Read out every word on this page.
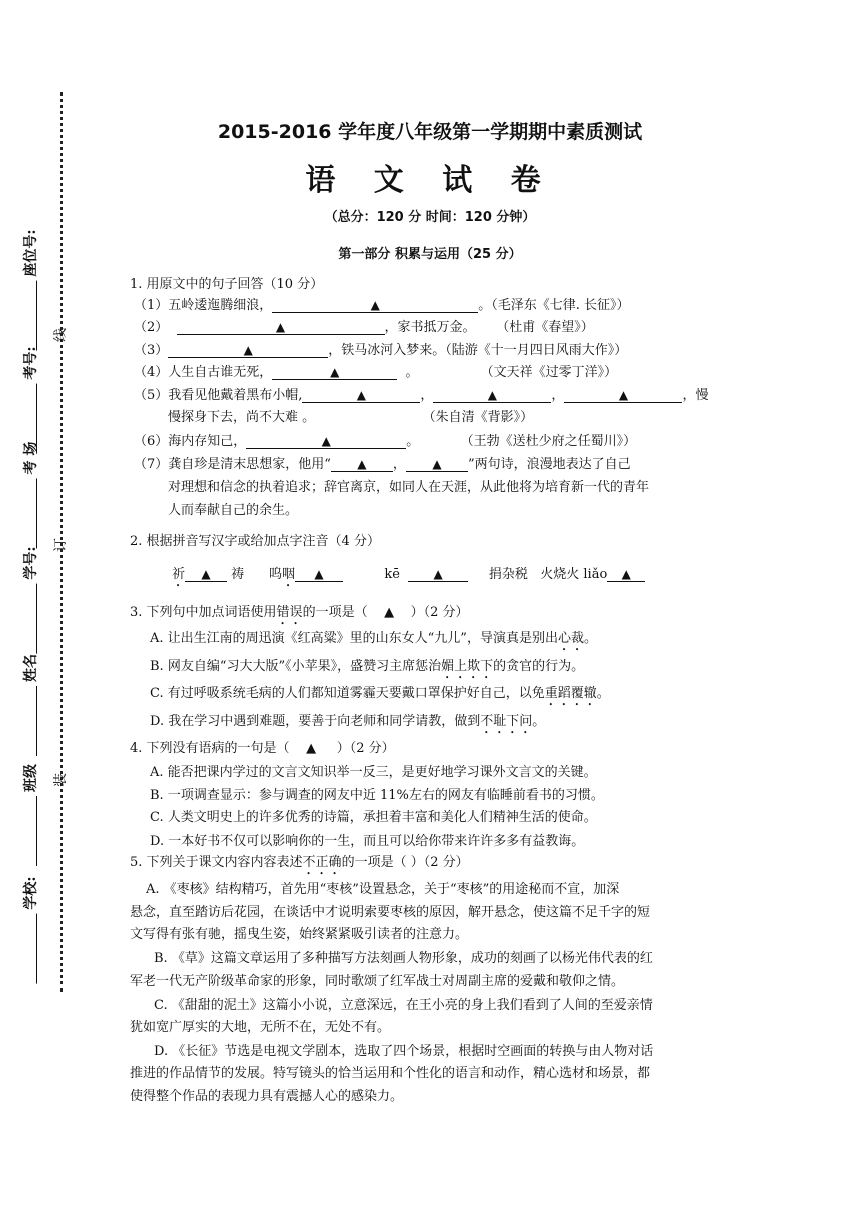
学校:
班级
姓名
学号:
考 场
考号:
座位号:
装
订
线
2015-2016 学年度八年级第一学期期中素质测试
语 文 试 卷
（总分：120 分 时间：120 分钟）
第一部分 积累与运用（25 分）
1. 用原文中的句子回答（10 分）
（1）五岭逶迤腾细浪，	▲	。（毛泽东《七律. 长征》）
（2）	▲	，家书抵万金。 （杜甫《春望》）
（3）	▲	，铁马冰河入梦来。（陆游《十一月四日风雨大作》）
（4）人生自古谁无死，	▲	。	（文天祥《过零丁洋》）
（5）我看见他戴着黑布小帽,	▲	，	▲	，	▲	，慢
慢探身下去，尚不大难 。	（朱自清《背影》）
（6）海内存知己，	▲	。	（王勃《送杜少府之任蜀川》）
（7）龚自珍是清末思想家，他用“ ▲ ， ▲ ”两句诗，浪漫地表达了自己
对理想和信念的执着追求；辞官离京，如同人在天涯，从此他将为培育新一代的青年
人而奉献自己的余生。
2. 根据拼音写汉字或给加点字注音（4 分）
祈 ▲ 祷 呜咽 ▲	kē	▲	捐杂税 火烧火 liǎo ▲
3. 下列句中加点词语使用错误的一项是（ ▲ ）（2 分）
A. 让出生江南的周迅演《红高粱》里的山东女人“九儿”，导演真是别出心裁。
B. 网友自编“习大大版”《小苹果》，盛赞习主席惩治媚上欺下的贪官的行为。
C. 有过呼吸系统毛病的人们都知道雾霾天要戴口罩保护好自己，以免重蹈覆辙。
D. 我在学习中遇到难题，要善于向老师和同学请教，做到不耻下问。
4. 下列没有语病的一句是（ ▲ ）（2 分）
A. 能否把课内学过的文言文知识举一反三，是更好地学习课外文言文的关键。
B. 一项调查显示：参与调查的网友中近 11%左右的网友有临睡前看书的习惯。
C. 人类文明史上的许多优秀的诗篇，承担着丰富和美化人们精神生活的使命。
D. 一本好书不仅可以影响你的一生，而且可以给你带来许许多多有益教诲。
5. 下列关于课文内容内容表述不正确的一项是（ ）（2 分）
A. 《枣核》结构精巧，首先用“枣核”设置悬念，关于“枣核”的用途秘而不宣，加深
悬念，直至踏访后花园，在谈话中才说明索要枣核的原因，解开悬念，使这篇不足千字的短
文写得有张有驰，摇曳生姿，始终紧紧吸引读者的注意力。
B. 《草》这篇文章运用了多种描写方法刻画人物形象，成功的刻画了以杨光伟代表的红
军老一代无产阶级革命家的形象，同时歌颂了红军战士对周副主席的爱戴和敬仰之情。
C. 《甜甜的泥土》这篇小小说，立意深远，在王小亮的身上我们看到了人间的至爱亲情
犹如宽广厚实的大地，无所不在，无处不有。
D. 《长征》节选是电视文学剧本，选取了四个场景，根据时空画面的转换与由人物对话
推进的作品情节的发展。特写镜头的恰当运用和个性化的语言和动作，精心选材和场景，都
使得整个作品的表现力具有震撼人心的感染力。
